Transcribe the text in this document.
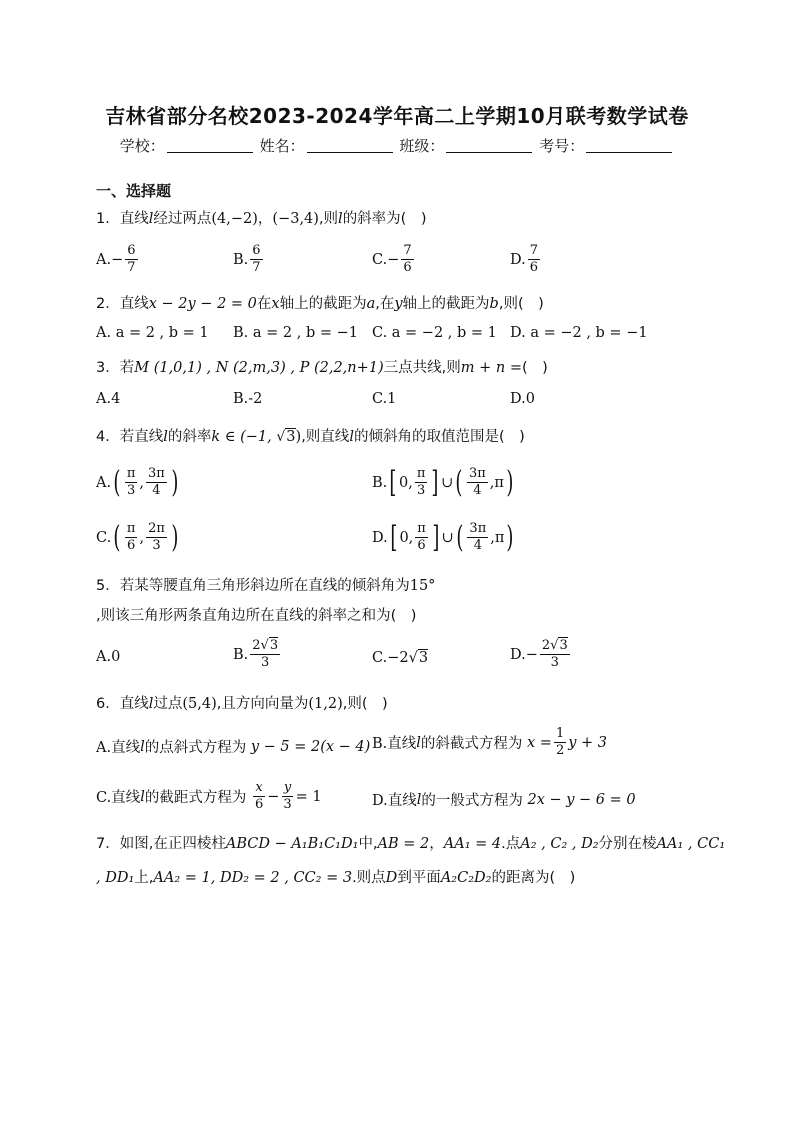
吉林省部分名校2023-2024学年高二上学期10月联考数学试卷
学校：	姓名：	班级：	考号：
一、选择题
1．直线l经过两点(4,−2)，(−3,4),则l的斜率为(　)
A. − $\frac{6}{7}$	B. $\frac{6}{7}$	C. − $\frac{7}{6}$	D. $\frac{7}{6}$
2．直线x − 2y − 2 = 0在x轴上的截距为a,在y轴上的截距为b,则(　)
A. a = 2 , b = 1 B. a = 2 , b = −1 C. a = −2 , b = 1 D. a = −2 , b = −1
3．若M (1,0,1) , N (2,m,3) , P (2,2,n+1)三点共线,则m + n =(　)
A.4	B.-2	C.1	D.0
4．若直线l的斜率k ∈ (−1, √3),则直线l的倾斜角的取值范围是(　)
A. ( $\frac{\pi}{3}$ , $\frac{3\pi}{4}$ )	B. [ 0, $\frac{\pi}{3}$ ] ∪ ( $\frac{3\pi}{4} ,\pi$ )
C. ( $\frac{\pi}{6}$ , $\frac{2\pi}{3}$ )	D. [ 0, $\frac{\pi}{6}$ ] ∪ ( $\frac{3\pi}{4} ,\pi$ )
5．若某等腰直角三角形斜边所在直线的倾斜角为15°
,则该三角形两条直角边所在直线的斜率之和为(　)
A.0	B. $\frac{2√3}{3}$	C. −2 √ 3	D. − $\frac{2√3}{3}$
6．直线l过点(5,4),且方向向量为(1,2),则(　)
A.直线 l 的点斜式方程为
y − 5 = 2(x − 4) B.直线 l 的斜截式方程为
$x = \frac{1}{2}$ y + 3
C.直线 l 的截距式方程为
$\frac{x}{6} - \frac{y}{3} = 1$	D.直线 l 的一般式方程为
2x − y − 6 = 0
7．如图,在正四棱柱ABCD − A₁B₁C₁D₁中,AB = 2，AA₁ = 4.点A₂ , C₂ , D₂分别在棱AA₁ , CC₁
, DD₁上,AA₂ = 1, DD₂ = 2 , CC₂ = 3.则点D到平面A₂C₂D₂的距离为(　)
